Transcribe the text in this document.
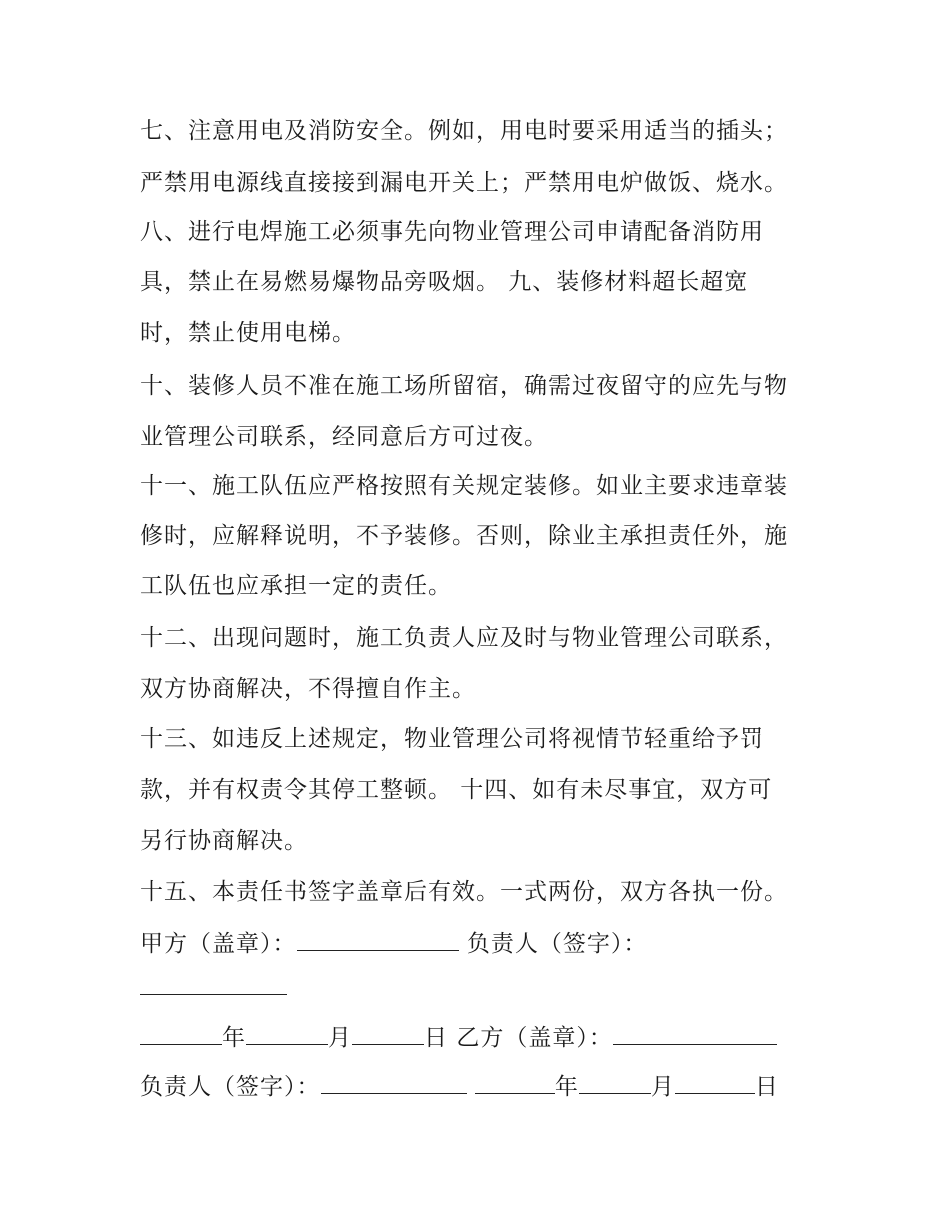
七、注意用电及消防安全。例如，用电时要采用适当的插头；
严禁用电源线直接接到漏电开关上；严禁用电炉做饭、烧水。
八、进行电焊施工必须事先向物业管理公司申请配备消防用
具，禁止在易燃易爆物品旁吸烟。 九、装修材料超长超宽
时，禁止使用电梯。
十、装修人员不准在施工场所留宿，确需过夜留守的应先与物
业管理公司联系，经同意后方可过夜。
十一、施工队伍应严格按照有关规定装修。如业主要求违章装
修时，应解释说明，不予装修。否则，除业主承担责任外，施
工队伍也应承担一定的责任。
十二、出现问题时，施工负责人应及时与物业管理公司联系，
双方协商解决，不得擅自作主。
十三、如违反上述规定，物业管理公司将视情节轻重给予罚
款，并有权责令其停工整顿。 十四、如有未尽事宜，双方可
另行协商解决。
十五、本责任书签字盖章后有效。一式两份，双方各执一份。
甲方（盖章）：	负责人（签字）：
年	月	日 乙方（盖章）：
负责人（签字）：	年	月	日
